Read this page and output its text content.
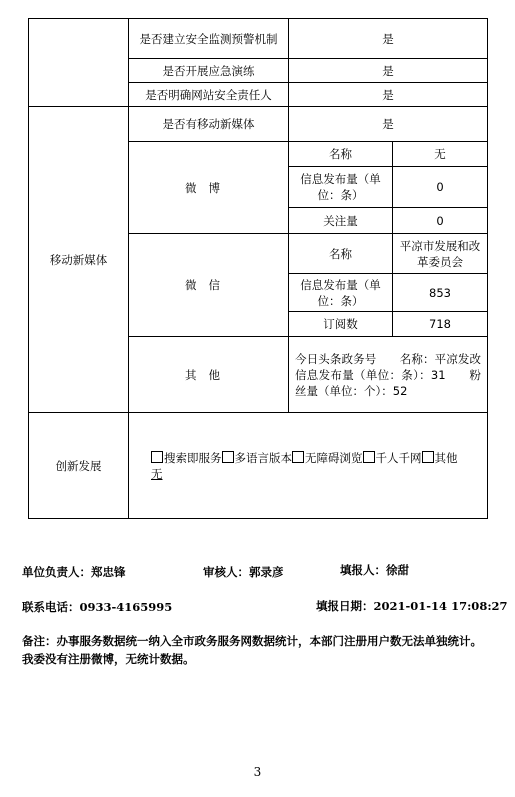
	是否建立安全监测预警机制	是	
	是否开展应急演练	是	
	是否明确网站安全责任人	是	
移动新媒体	是否有移动新媒体	是	
	微博	名称	无
		信息发布量（单位：条）	0
		关注量	0
	微信	名称	平凉市发展和改革委员会
		信息发布量（单位：条）	853
		订阅数	718
	其他	今日头条政务号　　名称：平凉发改　　信息发布量（单位：条）：31　　粉丝量（单位：个）：52	
创新发展	搜索即服务 多语言版本 无障碍浏览 千人千网 其他
无		
单位负责人：郑忠锋	审核人：郭录彦	填报人：徐甜
联系电话：0933-4165995	填报日期：2021-01-14 17:08:27
备注：办事服务数据统一纳入全市政务服务网数据统计，本部门注册用户数无法单独统计。我委没有注册微博，无统计数据。
3
